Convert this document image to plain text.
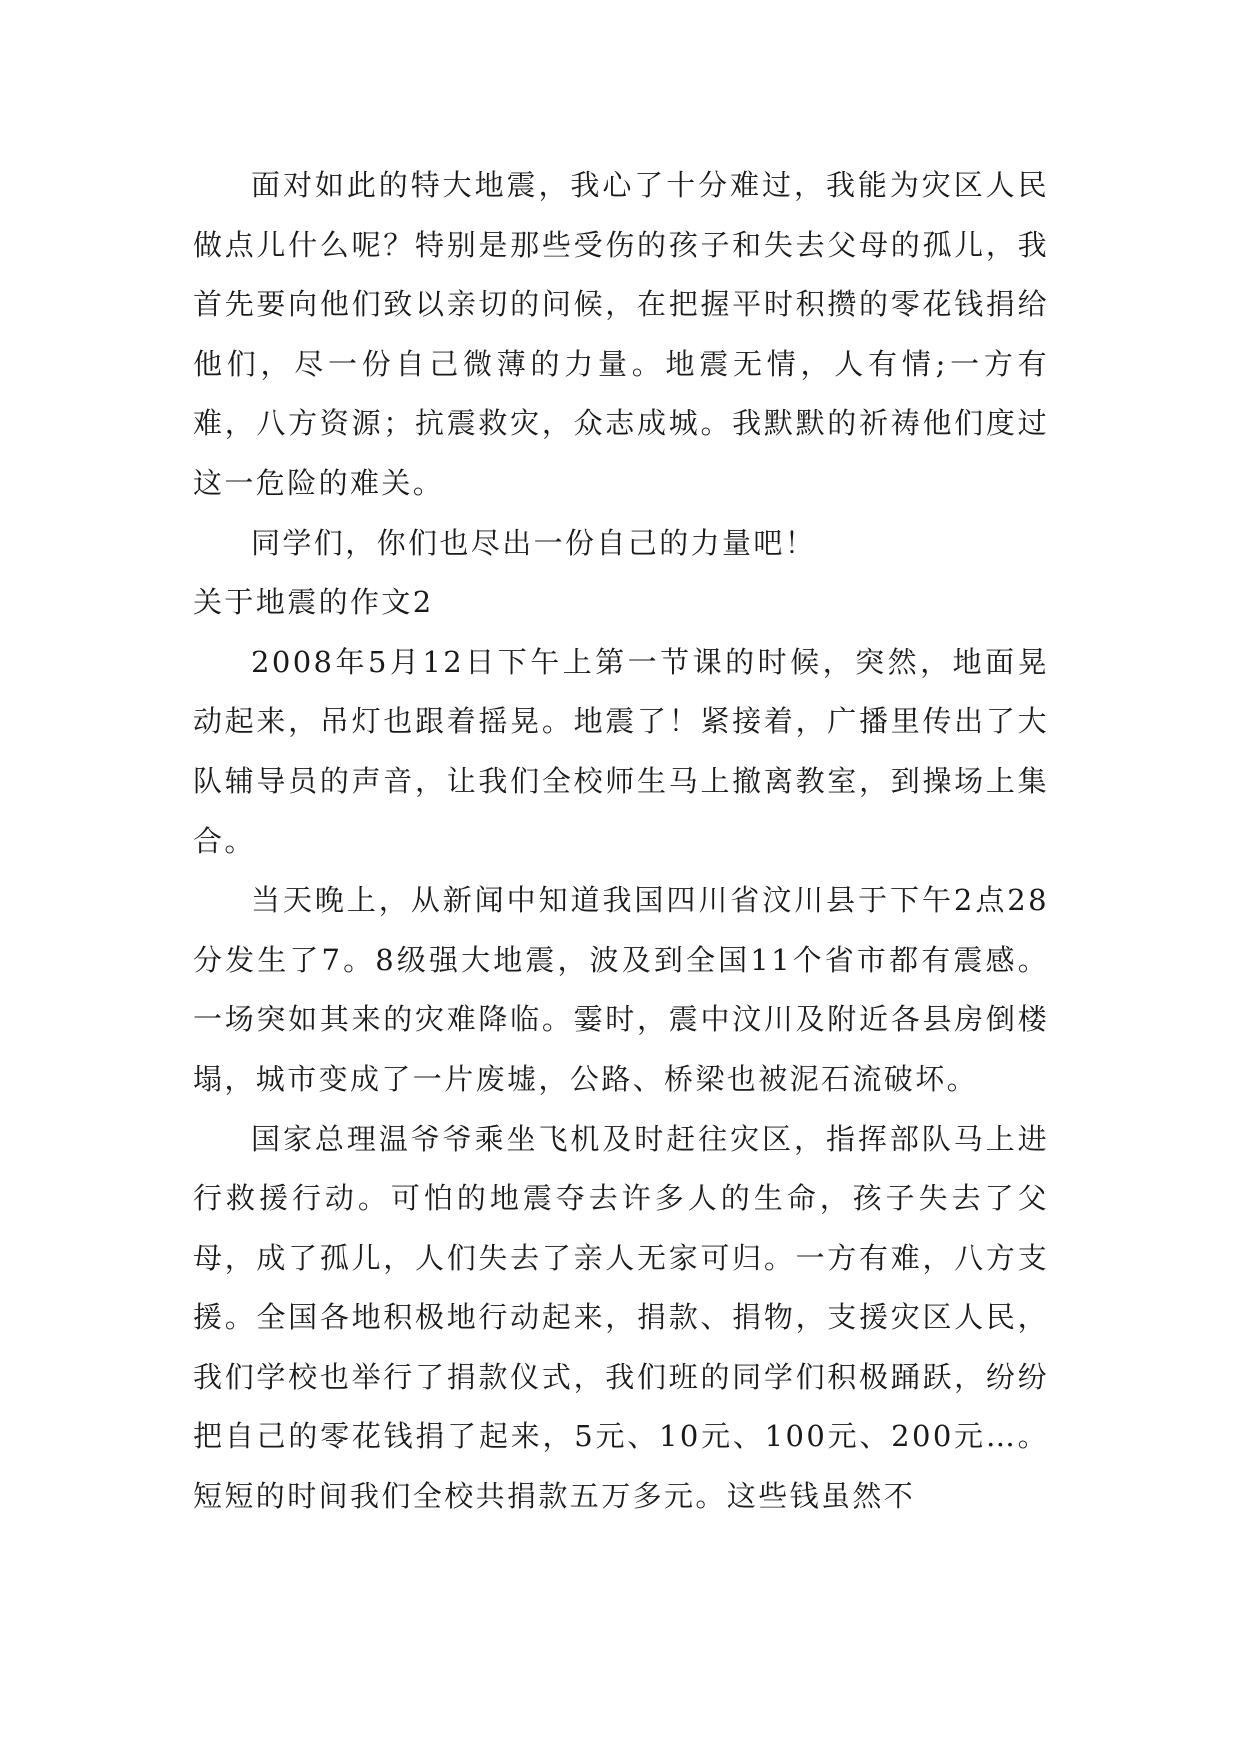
面对如此的特大地震，我心了十分难过，我能为灾区人民做点儿什么呢？特别是那些受伤的孩子和失去父母的孤儿，我首先要向他们致以亲切的问候，在把握平时积攒的零花钱捐给他们，尽一份自己微薄的力量。地震无情，人有情;一方有难，八方资源；抗震救灾，众志成城。我默默的祈祷他们度过这一危险的难关。

同学们，你们也尽出一份自己的力量吧！

关于地震的作文2

2008年5月12日下午上第一节课的时候，突然，地面晃动起来，吊灯也跟着摇晃。地震了！紧接着，广播里传出了大队辅导员的声音，让我们全校师生马上撤离教室，到操场上集合。

当天晚上，从新闻中知道我国四川省汶川县于下午2点28分发生了7。8级强大地震，波及到全国11个省市都有震感。一场突如其来的灾难降临。霎时，震中汶川及附近各县房倒楼塌，城市变成了一片废墟，公路、桥梁也被泥石流破坏。

国家总理温爷爷乘坐飞机及时赶往灾区，指挥部队马上进行救援行动。可怕的地震夺去许多人的生命，孩子失去了父母，成了孤儿，人们失去了亲人无家可归。一方有难，八方支援。全国各地积极地行动起来，捐款、捐物，支援灾区人民，我们学校也举行了捐款仪式，我们班的同学们积极踊跃，纷纷把自己的零花钱捐了起来，5元、10元、100元、200元…。短短的时间我们全校共捐款五万多元。这些钱虽然不
